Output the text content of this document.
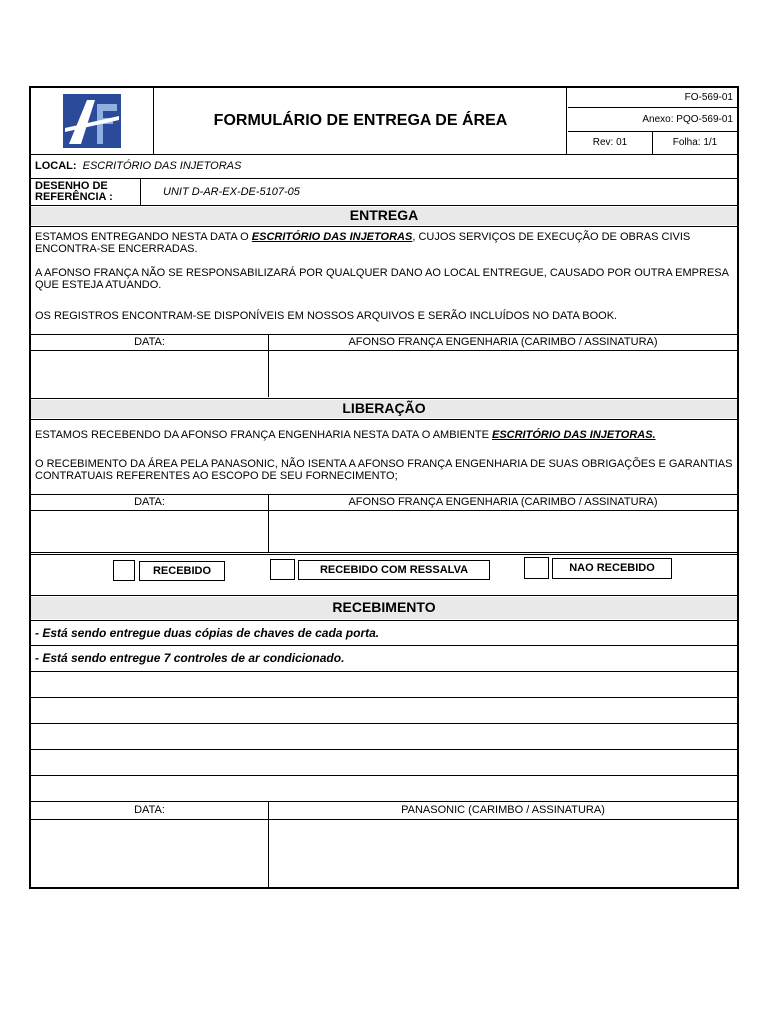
FORMULÁRIO DE ENTREGA DE ÁREA
FO-569-01
Anexo: PQO-569-01
Rev: 01	Folha: 1/1
LOCAL: ESCRITÓRIO DAS INJETORAS
DESENHO DE
REFERÊNCIA :	UNIT D-AR-EX-DE-5107-05
ENTREGA
ESTAMOS ENTREGANDO NESTA DATA O ESCRITÓRIO DAS INJETORAS, CUJOS SERVIÇOS DE EXECUÇÃO DE OBRAS CIVIS ENCONTRA-SE ENCERRADAS.
A AFONSO FRANÇA NÃO SE RESPONSABILIZARÁ POR QUALQUER DANO AO LOCAL ENTREGUE, CAUSADO POR OUTRA EMPRESA QUE ESTEJA ATUANDO.
OS REGISTROS ENCONTRAM-SE DISPONÍVEIS EM NOSSOS ARQUIVOS E SERÃO INCLUÍDOS NO DATA BOOK.
DATA:	AFONSO FRANÇA ENGENHARIA (CARIMBO / ASSINATURA)
LIBERAÇÃO
ESTAMOS RECEBENDO DA AFONSO FRANÇA ENGENHARIA NESTA DATA O AMBIENTE ESCRITÓRIO DAS INJETORAS.
O RECEBIMENTO DA ÁREA PELA PANASONIC, NÃO ISENTA A AFONSO FRANÇA ENGENHARIA DE SUAS OBRIGAÇÕES E GARANTIAS CONTRATUAIS REFERENTES AO ESCOPO DE SEU FORNECIMENTO;
DATA:	AFONSO FRANÇA ENGENHARIA (CARIMBO / ASSINATURA)
RECEBIDO	RECEBIDO COM RESSALVA	NAO RECEBIDO
RECEBIMENTO
- Está sendo entregue duas cópias de chaves de cada porta.
- Está sendo entregue 7 controles de ar condicionado.
DATA:	PANASONIC (CARIMBO / ASSINATURA)
